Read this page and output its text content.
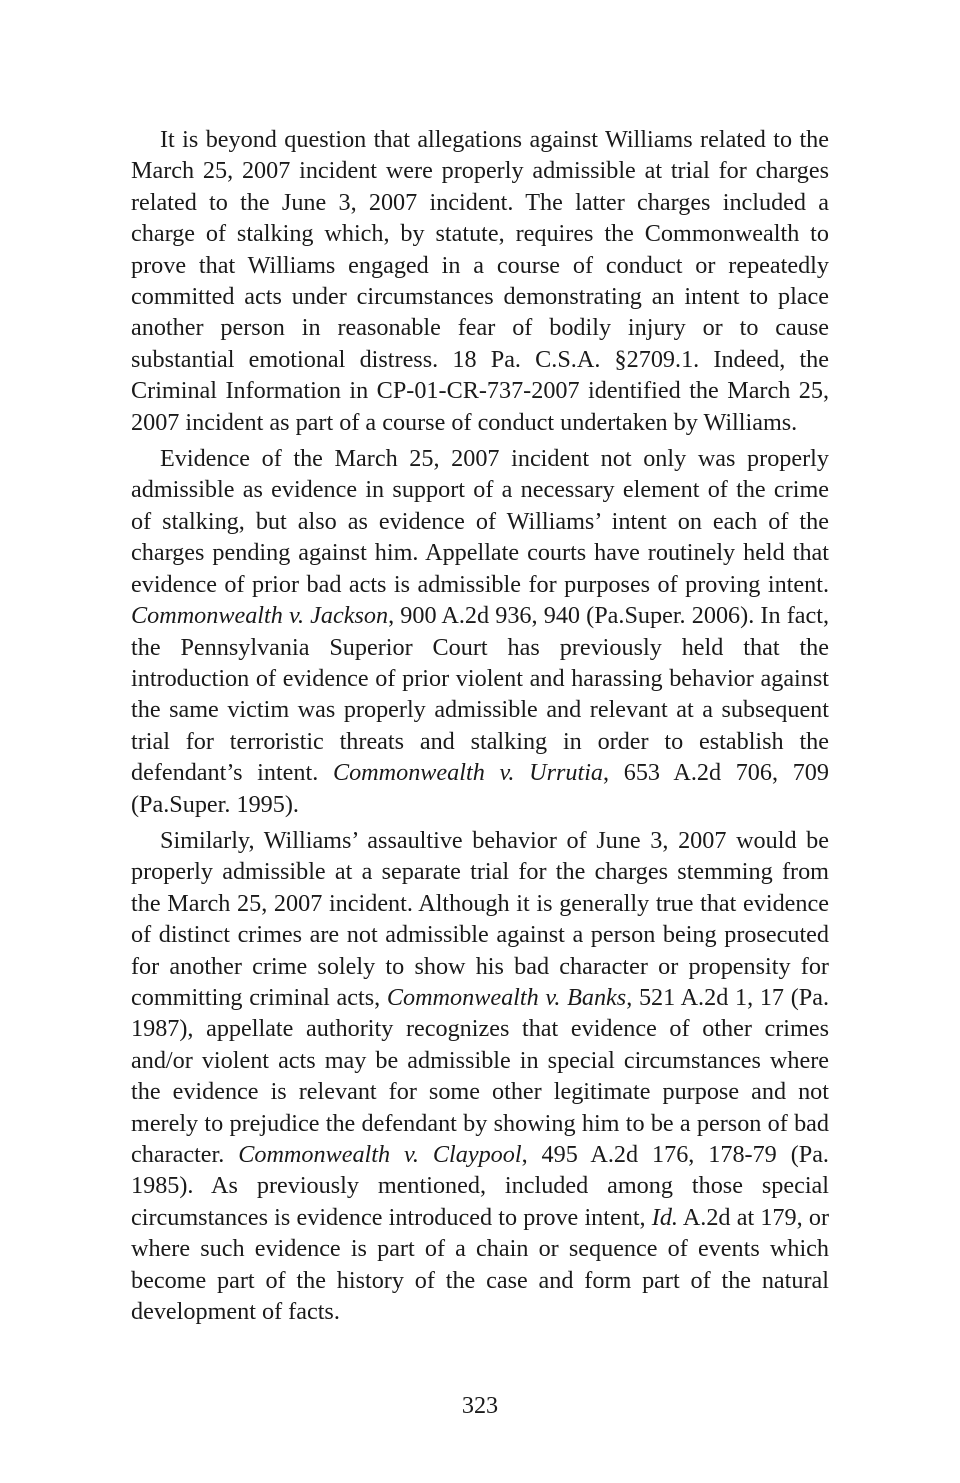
It is beyond question that allegations against Williams related to the March 25, 2007 incident were properly admissible at trial for charges related to the June 3, 2007 incident. The latter charges included a charge of stalking which, by statute, requires the Commonwealth to prove that Williams engaged in a course of conduct or repeatedly committed acts under circumstances demonstrating an intent to place another person in reasonable fear of bodily injury or to cause substantial emotional distress. 18 Pa. C.S.A. §2709.1. Indeed, the Criminal Information in CP-01-CR-737-2007 identified the March 25, 2007 incident as part of a course of conduct undertaken by Williams.

Evidence of the March 25, 2007 incident not only was properly admissible as evidence in support of a necessary element of the crime of stalking, but also as evidence of Williams’ intent on each of the charges pending against him. Appellate courts have routinely held that evidence of prior bad acts is admissible for purposes of proving intent. Commonwealth v. Jackson, 900 A.2d 936, 940 (Pa.Super. 2006). In fact, the Pennsylvania Superior Court has previously held that the introduction of evidence of prior violent and harassing behavior against the same victim was properly admissible and relevant at a subsequent trial for terroristic threats and stalking in order to establish the defendant’s intent. Commonwealth v. Urrutia, 653 A.2d 706, 709 (Pa.Super. 1995).

Similarly, Williams’ assaultive behavior of June 3, 2007 would be properly admissible at a separate trial for the charges stemming from the March 25, 2007 incident. Although it is generally true that evidence of distinct crimes are not admissible against a person being prosecuted for another crime solely to show his bad character or propensity for committing criminal acts, Commonwealth v. Banks, 521 A.2d 1, 17 (Pa. 1987), appellate authority recognizes that evidence of other crimes and/or violent acts may be admissible in special circumstances where the evidence is relevant for some other legitimate purpose and not merely to prejudice the defendant by showing him to be a person of bad character. Commonwealth v. Claypool, 495 A.2d 176, 178-79 (Pa. 1985). As previously mentioned, included among those special circumstances is evidence introduced to prove intent, Id. A.2d at 179, or where such evidence is part of a chain or sequence of events which become part of the history of the case and form part of the natural development of facts.

323
